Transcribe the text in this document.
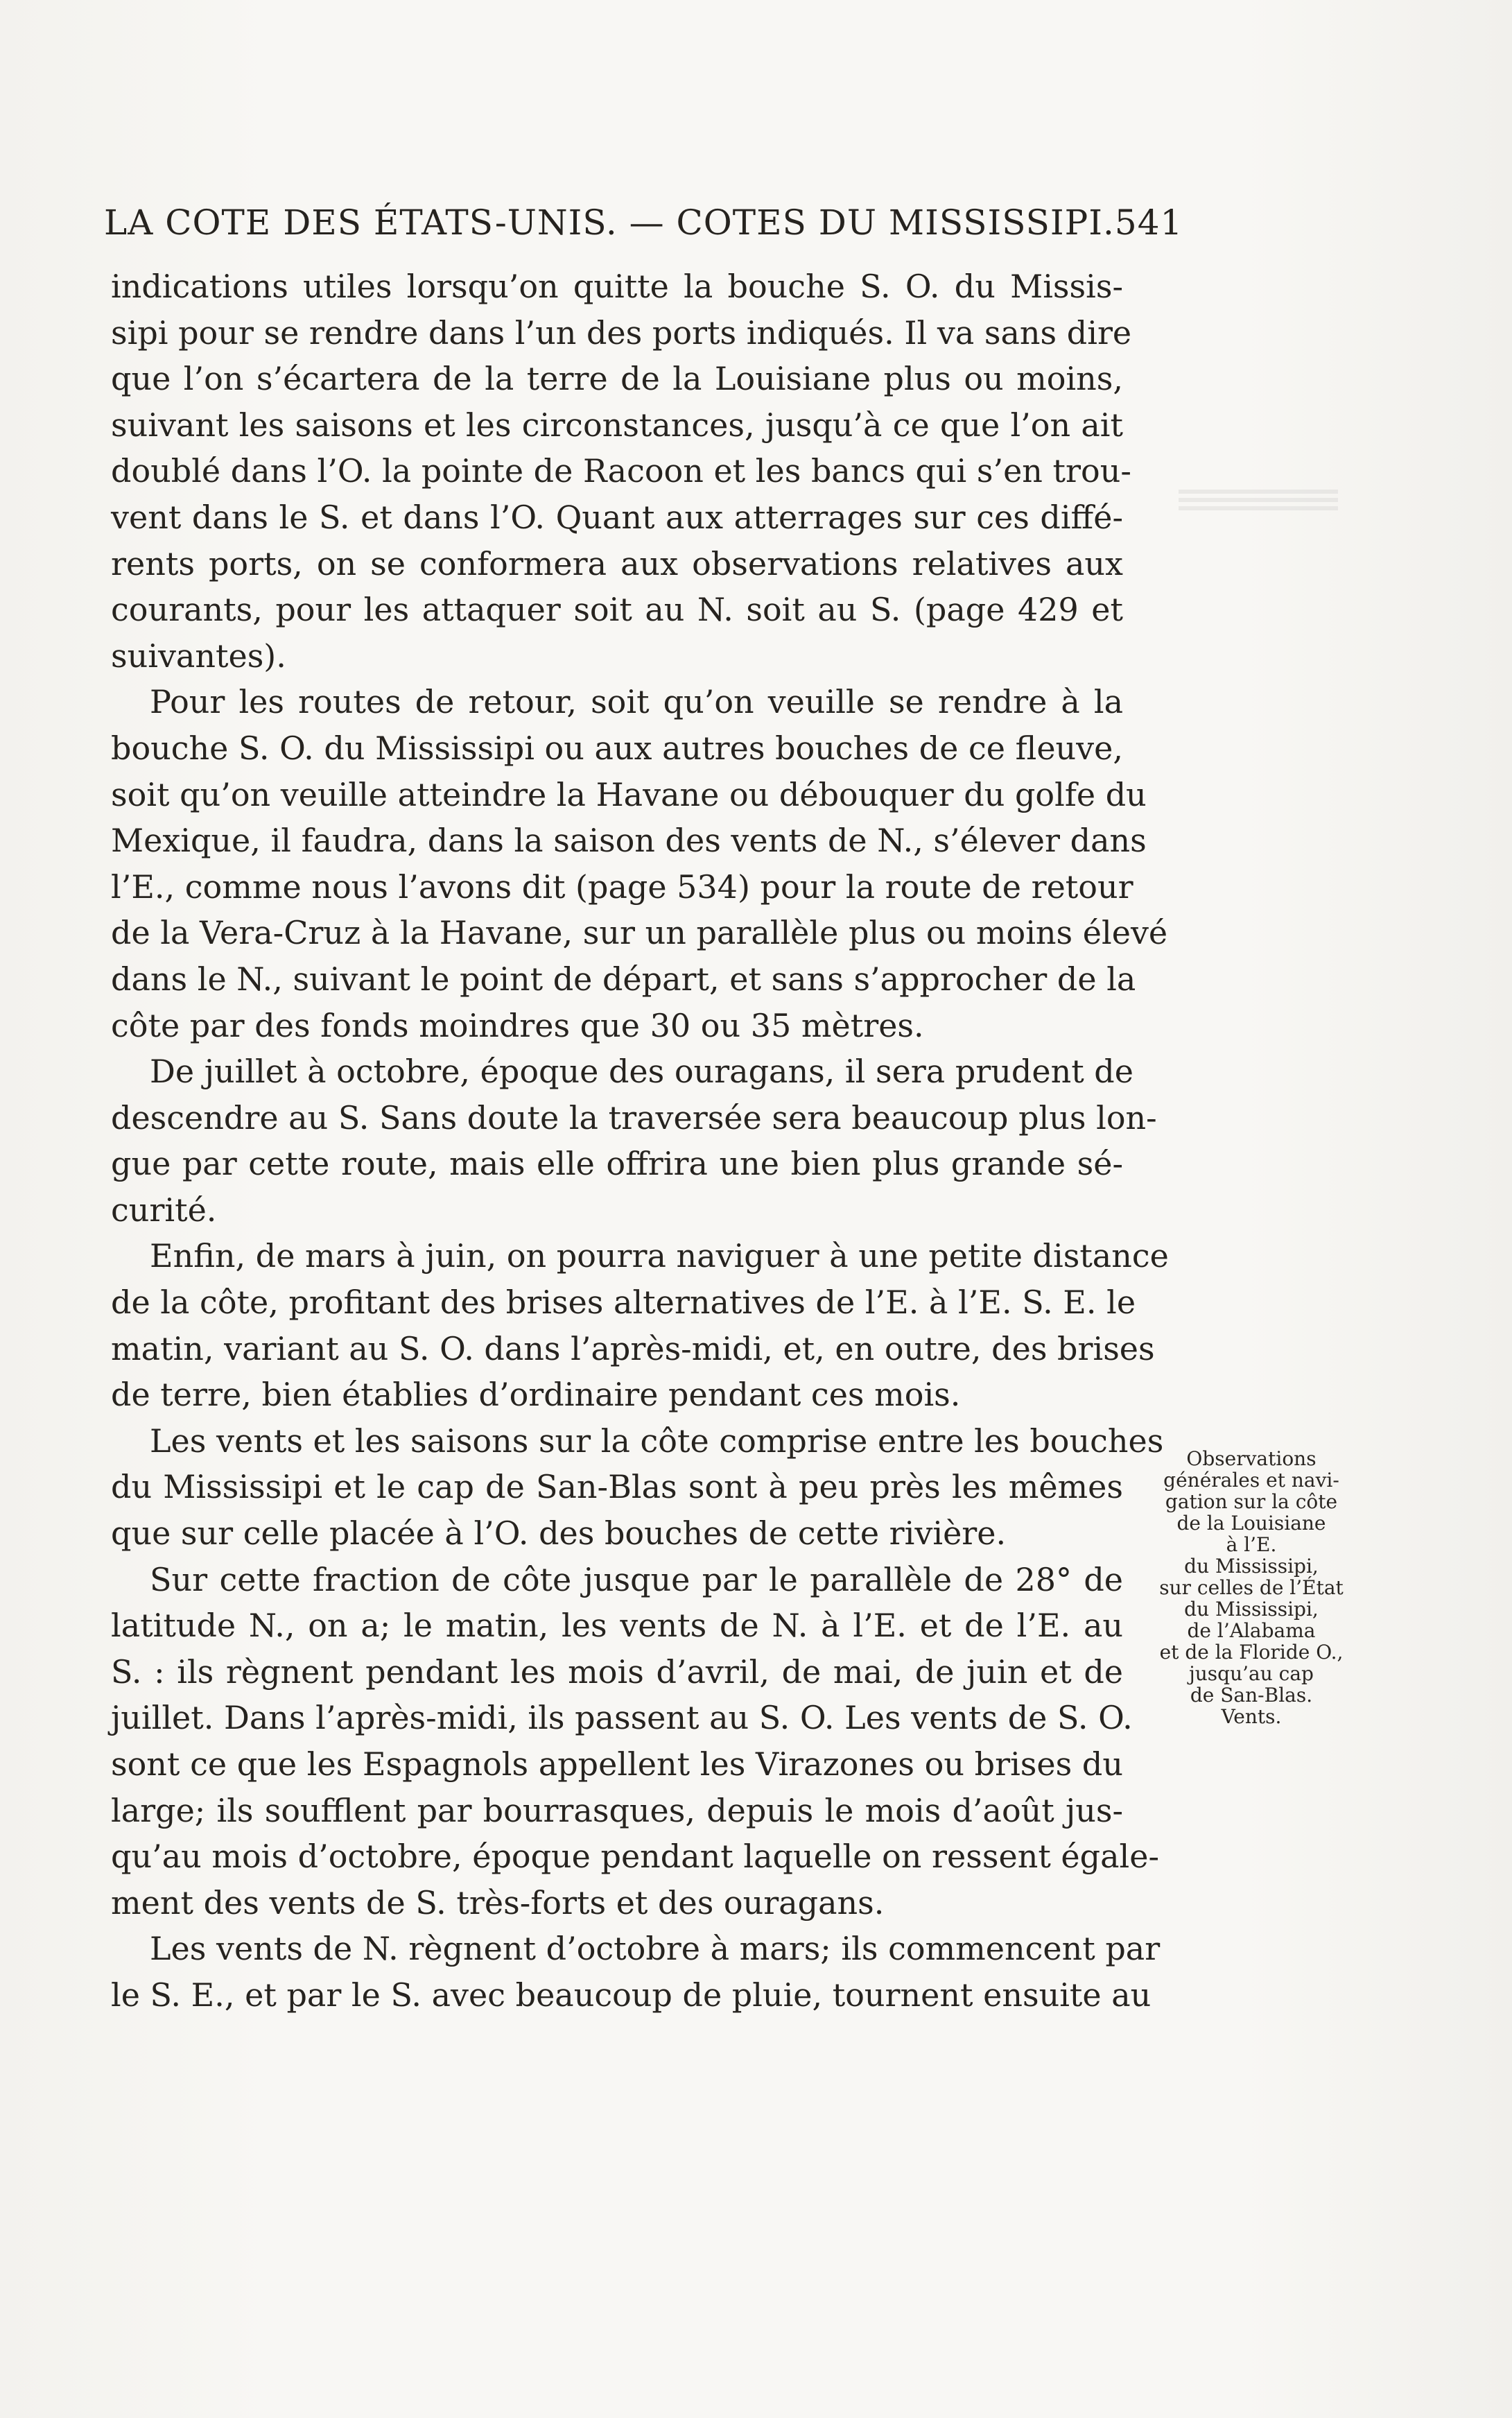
LA COTE DES ÉTATS-UNIS. — COTES DU MISSISSIPI. 541
indications utiles lorsqu’on quitte la bouche S. O. du Missis-
sipi pour se rendre dans l’un des ports indiqués. Il va sans dire
que l’on s’écartera de la terre de la Louisiane plus ou moins,
suivant les saisons et les circonstances, jusqu’à ce que l’on ait
doublé dans l’O. la pointe de Racoon et les bancs qui s’en trou-
vent dans le S. et dans l’O. Quant aux atterrages sur ces diffé-
rents ports, on se conformera aux observations relatives aux
courants, pour les attaquer soit au N. soit au S. (page 429 et
suivantes).
Pour les routes de retour, soit qu’on veuille se rendre à la
bouche S. O. du Mississipi ou aux autres bouches de ce fleuve,
soit qu’on veuille atteindre la Havane ou débouquer du golfe du
Mexique, il faudra, dans la saison des vents de N., s’élever dans
l’E., comme nous l’avons dit (page 534) pour la route de retour
de la Vera-Cruz à la Havane, sur un parallèle plus ou moins élevé
dans le N., suivant le point de départ, et sans s’approcher de la
côte par des fonds moindres que 30 ou 35 mètres.
De juillet à octobre, époque des ouragans, il sera prudent de
descendre au S. Sans doute la traversée sera beaucoup plus lon-
gue par cette route, mais elle offrira une bien plus grande sé-
curité.
Enfin, de mars à juin, on pourra naviguer à une petite distance
de la côte, profitant des brises alternatives de l’E. à l’E. S. E. le
matin, variant au S. O. dans l’après-midi, et, en outre, des brises
de terre, bien établies d’ordinaire pendant ces mois.
Les vents et les saisons sur la côte comprise entre les bouches
du Mississipi et le cap de San-Blas sont à peu près les mêmes
que sur celle placée à l’O. des bouches de cette rivière.
Sur cette fraction de côte jusque par le parallèle de 28° de
latitude N., on a; le matin, les vents de N. à l’E. et de l’E. au
S. : ils règnent pendant les mois d’avril, de mai, de juin et de
juillet. Dans l’après-midi, ils passent au S. O. Les vents de S. O.
sont ce que les Espagnols appellent les Virazones ou brises du
large; ils soufflent par bourrasques, depuis le mois d’août jus-
qu’au mois d’octobre, époque pendant laquelle on ressent égale-
ment des vents de S. très-forts et des ouragans.
Les vents de N. règnent d’octobre à mars; ils commencent par
le S. E., et par le S. avec beaucoup de pluie, tournent ensuite au
Observations
générales et navi-
gation sur la côte
de la Louisiane
à l’E.
du Mississipi,
sur celles de l’État
du Mississipi,
de l’Alabama
et de la Floride O.,
jusqu’au cap
de San-Blas.
Vents.
